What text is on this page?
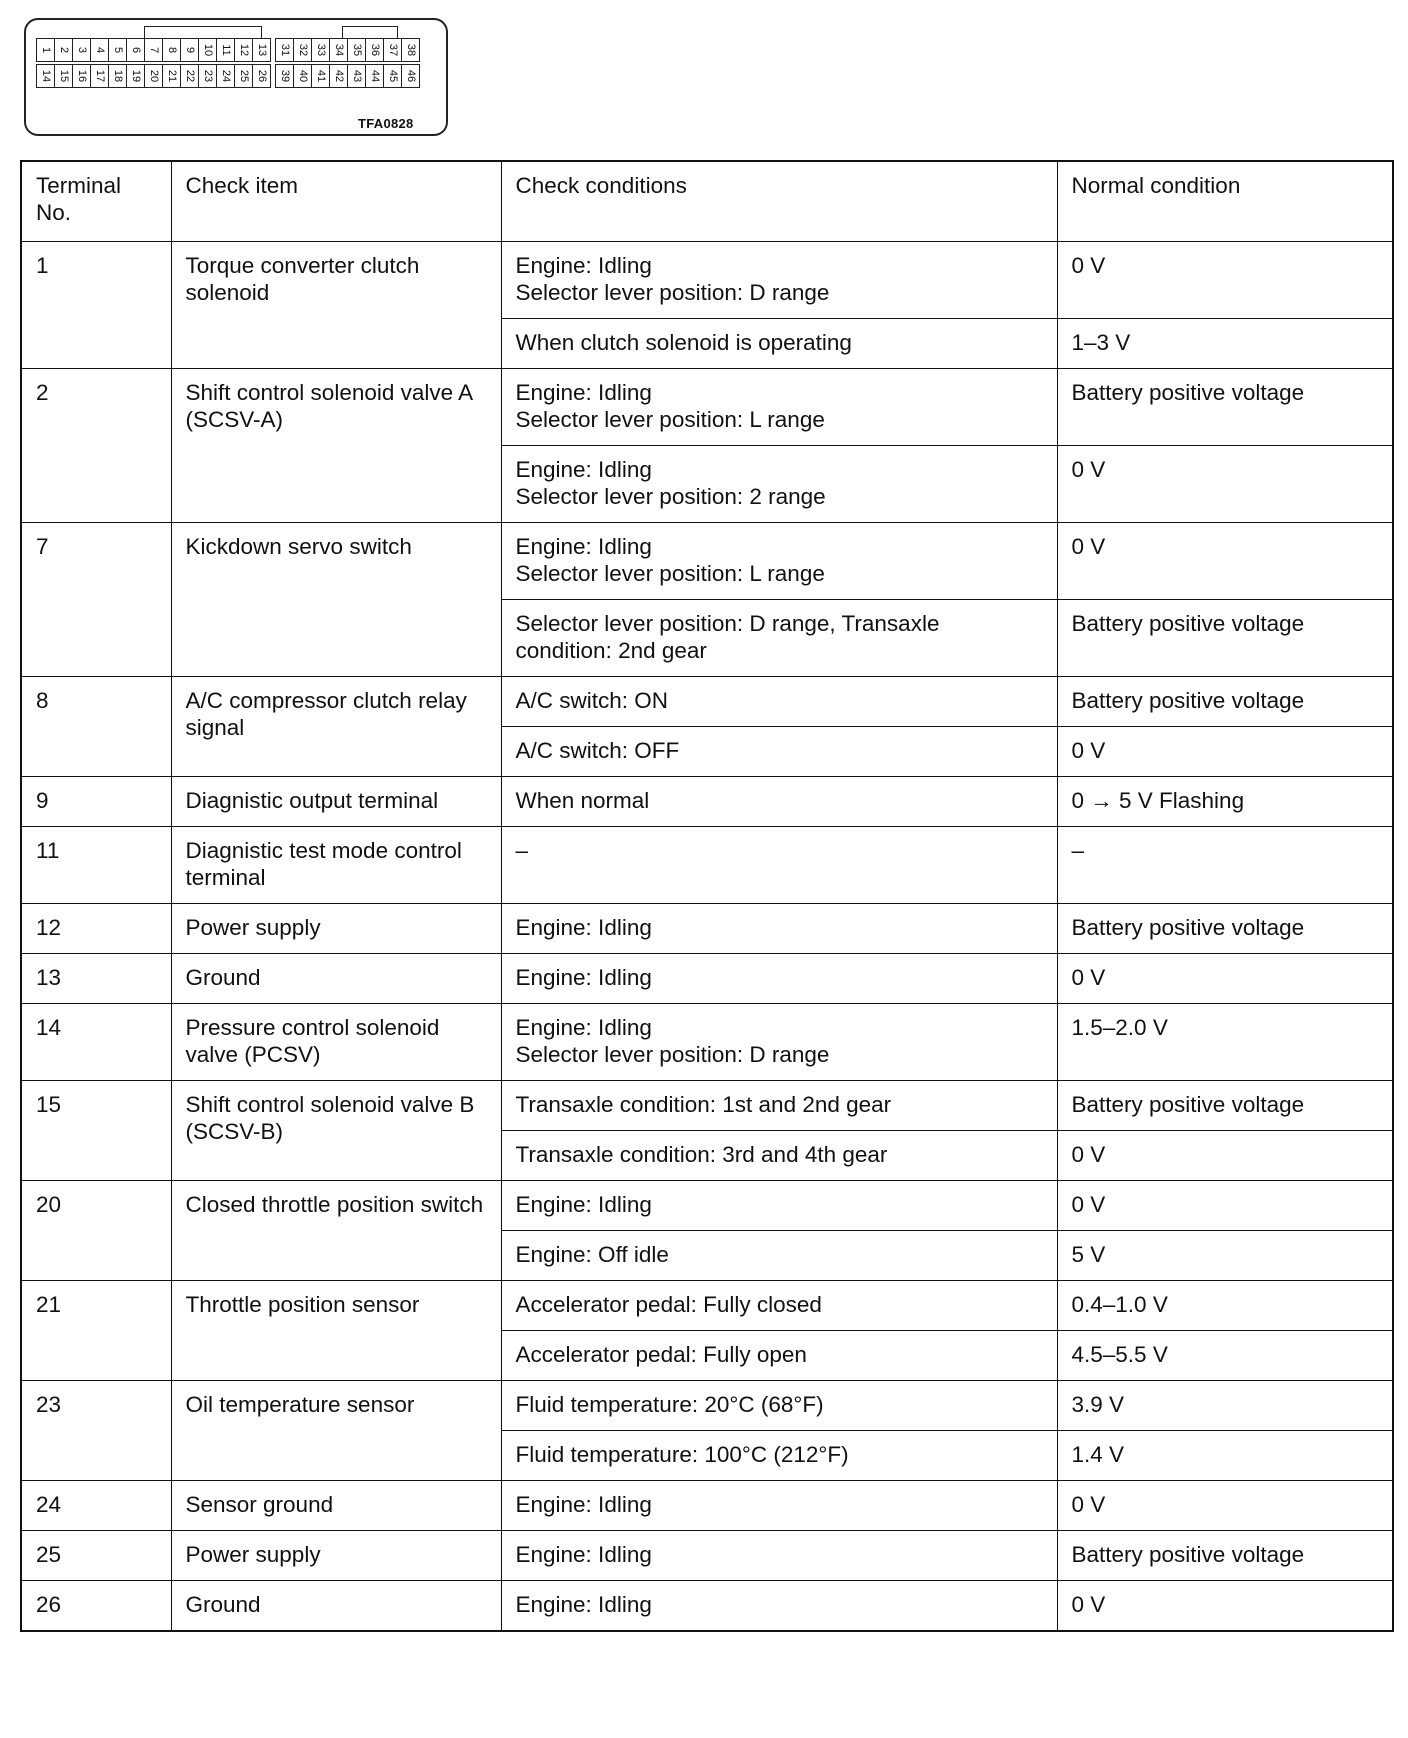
1 2 3 4 5 6 7 8 9 10 11 12 13 31 32 33 34 35 36 37 38
14 15 16 17 18 19 20 21 22 23 24 25 26 39 40 41 42 43 44 45 46
TFA0828
Terminal No.	Check item	Check conditions	Normal condition
1	Torque converter clutch solenoid	Engine: Idling
Selector lever position: D range	0 V

		When clutch solenoid is operating	1–3 V
2	Shift control solenoid valve A (SCSV-A)	Engine: Idling
Selector lever position: L range	Battery positive voltage

		Engine: Idling
Selector lever position: 2 range	0 V
7	Kickdown servo switch	Engine: Idling
Selector lever position: L range	0 V

		Selector lever position: D range, Transaxle
condition: 2nd gear	Battery positive voltage
8	A/C compressor clutch relay signal	A/C switch: ON	Battery positive voltage

		A/C switch: OFF	0 V
9	Diagnistic output terminal	When normal	0 → 5 V Flashing
11	Diagnistic test mode control terminal	–	–
12	Power supply	Engine: Idling	Battery positive voltage
13	Ground	Engine: Idling	0 V
14	Pressure control solenoid valve (PCSV)	Engine: Idling
Selector lever position: D range	1.5–2.0 V
15	Shift control solenoid valve B (SCSV-B)	Transaxle condition: 1st and 2nd gear	Battery positive voltage

		Transaxle condition: 3rd and 4th gear	0 V
20	Closed throttle position switch	Engine: Idling	0 V

		Engine: Off idle	5 V
21	Throttle position sensor	Accelerator pedal: Fully closed	0.4–1.0 V

		Accelerator pedal: Fully open	4.5–5.5 V
23	Oil temperature sensor	Fluid temperature: 20°C (68°F)	3.9 V

		Fluid temperature: 100°C (212°F)	1.4 V
24	Sensor ground	Engine: Idling	0 V
25	Power supply	Engine: Idling	Battery positive voltage
26	Ground	Engine: Idling	0 V
